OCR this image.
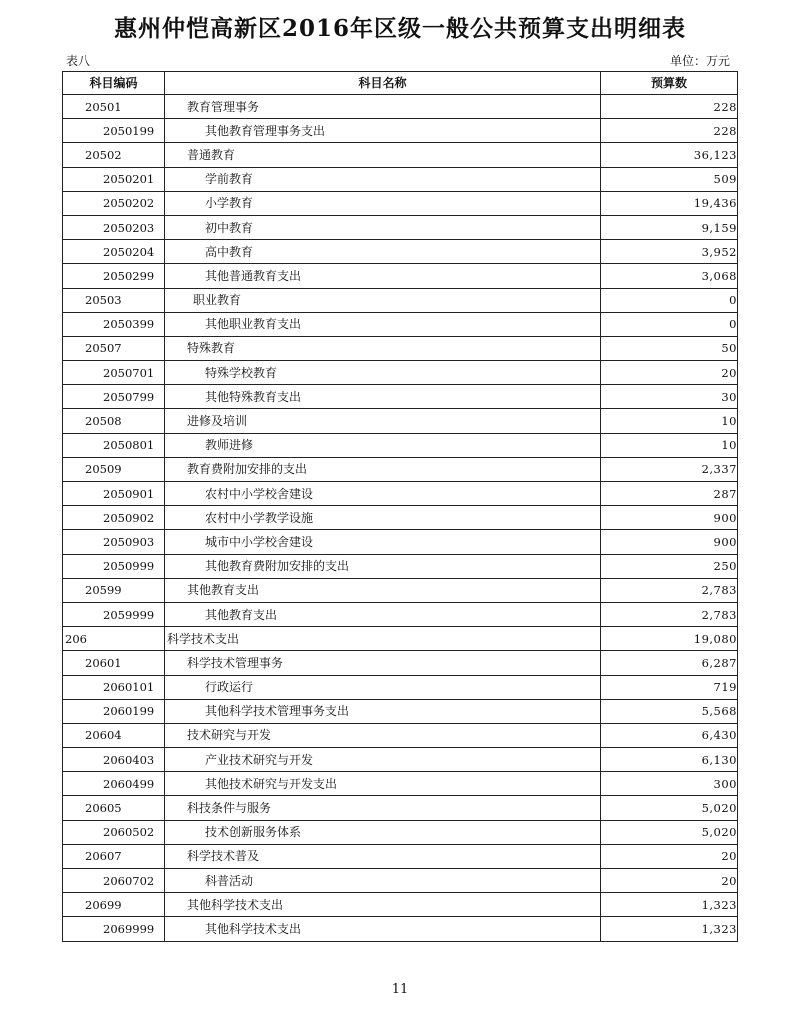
惠州仲恺高新区2016年区级一般公共预算支出明细表
表八	单位：万元
科目编码	科目名称	预算数
20501	教育管理事务	228
2050199	其他教育管理事务支出	228
20502	普通教育	36,123
2050201	学前教育	509
2050202	小学教育	19,436
2050203	初中教育	9,159
2050204	高中教育	3,952
2050299	其他普通教育支出	3,068
20503	职业教育	0
2050399	其他职业教育支出	0
20507	特殊教育	50
2050701	特殊学校教育	20
2050799	其他特殊教育支出	30
20508	进修及培训	10
2050801	教师进修	10
20509	教育费附加安排的支出	2,337
2050901	农村中小学校舍建设	287
2050902	农村中小学教学设施	900
2050903	城市中小学校舍建设	900
2050999	其他教育费附加安排的支出	250
20599	其他教育支出	2,783
2059999	其他教育支出	2,783
206	科学技术支出	19,080
20601	科学技术管理事务	6,287
2060101	行政运行	719
2060199	其他科学技术管理事务支出	5,568
20604	技术研究与开发	6,430
2060403	产业技术研究与开发	6,130
2060499	其他技术研究与开发支出	300
20605	科技条件与服务	5,020
2060502	技术创新服务体系	5,020
20607	科学技术普及	20
2060702	科普活动	20
20699	其他科学技术支出	1,323
2069999	其他科学技术支出	1,323
11
